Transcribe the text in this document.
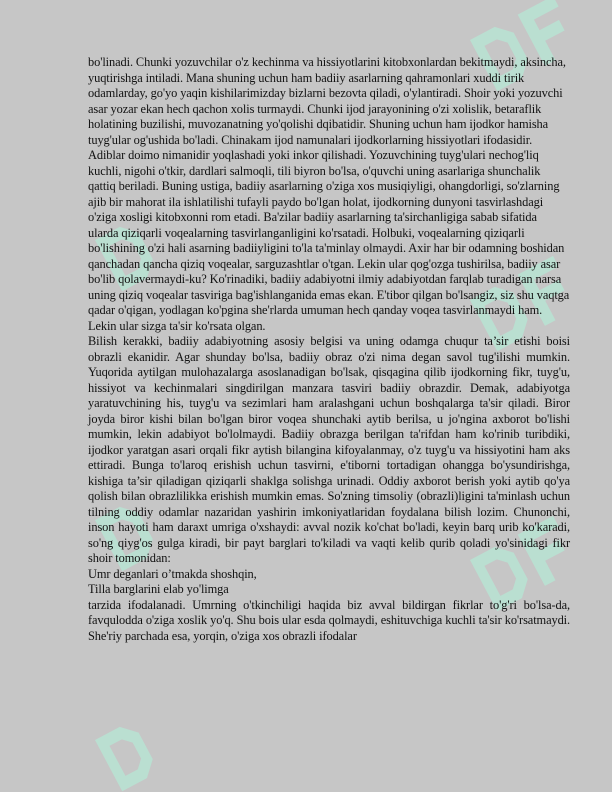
bo'linadi. Chunki yozuvchilar o'z kechinma va hissiyotlarini kitobxonlardan bekitmaydi, aksincha, yuqtirishga intiladi. Mana shuning uchun ham badiiy asarlarning qahramonlari xuddi tirik odamlarday, go'yo yaqin kishilarimizday bizlarni bezovta qiladi, o'ylantiradi. Shoir yoki yozuvchi asar yozar ekan hech qachon xolis turmaydi. Chunki ijod jarayonining o'zi xolislik, betaraflik holatining buzilishi, muvozanatning yo'qolishi dqibatidir. Shuning uchun ham ijodkor hamisha tuyg'ular og'ushida bo'ladi. Chinakam ijod namunalari ijodkorlarning hissiyotlari ifodasidir. Adiblar doimo nimanidir yoqlashadi yoki inkor qilishadi. Yozuvchining tuyg'ulari nechog'liq kuchli, nigohi o'tkir, dardlari salmoqli, tili biyron bo'lsa, o'quvchi uning asarlariga shunchalik qattiq beriladi. Buning ustiga, badiiy asarlarning o'ziga xos musiqiyligi, ohangdorligi, so'zlarning ajib bir mahorat ila ishlatilishi tufayli paydo bo'lgan holat, ijodkorning dunyoni tasvirlashdagi o'ziga xosligi kitobxonni rom etadi. Ba'zilar badiiy asarlarning ta'sirchanligiga sabab sifatida ularda qiziqarli voqealarning tasvirlanganligini ko'rsatadi. Holbuki, voqealarning qiziqarli bo'lishining o'zi hali asarning badiiyligini to'la ta'minlay olmaydi. Axir har bir odamning boshidan qanchadan qancha qiziq voqealar, sarguzashtlar o'tgan. Lekin ular qog'ozga tushirilsa, badiiy asar bo'lib qolavermaydi-ku? Ko'rinadiki, badiiy adabiyotni ilmiy adabiyotdan farqlab turadigan narsa uning qiziq voqealar tasviriga bag'ishlanganida emas ekan. E'tibor qilgan bo'lsangiz, siz shu vaqtga qadar o'qigan, yodlagan ko'pgina she'rlarda umuman hech qanday voqea tasvirlanmaydi ham. Lekin ular sizga ta'sir ko'rsata olgan.

Bilish kerakki, badiiy adabiyotning asosiy belgisi va uning odamga chuqur ta’sir etishi boisi obrazli ekanidir. Agar shunday bo'lsa, badiiy obraz o'zi nima degan savol tug'ilishi mumkin. Yuqorida aytilgan mulohazalarga asoslanadigan bo'lsak, qisqagina qilib ijodkorning fikr, tuyg'u, hissiyot va kechinmalari singdirilgan manzara tasviri badiiy obrazdir. Demak, adabiyotga yaratuvchining his, tuyg'u va sezimlari ham aralashgani uchun boshqalarga ta'sir qiladi. Biror joyda biror kishi bilan bo'lgan biror voqea shunchaki aytib berilsa, u jo'ngina axborot bo'lishi mumkin, lekin adabiyot bo'lolmaydi. Badiiy obrazga berilgan ta'rifdan ham ko'rinib turibdiki, ijodkor yaratgan asari orqali fikr aytish bilangina kifoyalanmay, o'z tuyg'u va hissiyotini ham aks ettiradi. Bunga to'laroq erishish uchun tasvirni, e'tiborni tortadigan ohangga bo'ysundirishga, kishiga ta’sir qiladigan qiziqarli shaklga solishga urinadi. Oddiy axborot berish yoki aytib qo'ya qolish bilan obrazlilikka erishish mumkin emas. So'zning timsoliy (obrazli)ligini ta'minlash uchun tilning oddiy odamlar nazaridan yashirin imkoniyatlaridan foydalana bilish lozim. Chunonchi, inson hayoti ham daraxt umriga o'xshaydi: avval nozik ko'chat bo'ladi, keyin barq urib ko'karadi, so'ng qiyg'os gulga kiradi, bir payt barglari to'kiladi va vaqti kelib qurib qoladi yo'sinidagi fikr shoir tomonidan:

Umr deganlari o’tmakda shoshqin,

Tilla barglarini elab yo'limga

tarzida ifodalanadi. Umrning o'tkinchiligi haqida biz avval bildirgan fikrlar to'g'ri bo'lsa-da, favqulodda o'ziga xoslik yo'q. Shu bois ular esda qolmaydi, eshituvchiga kuchli ta'sir ko'rsatmaydi. She'riy parchada esa, yorqin, o'ziga xos obrazli ifodalar
